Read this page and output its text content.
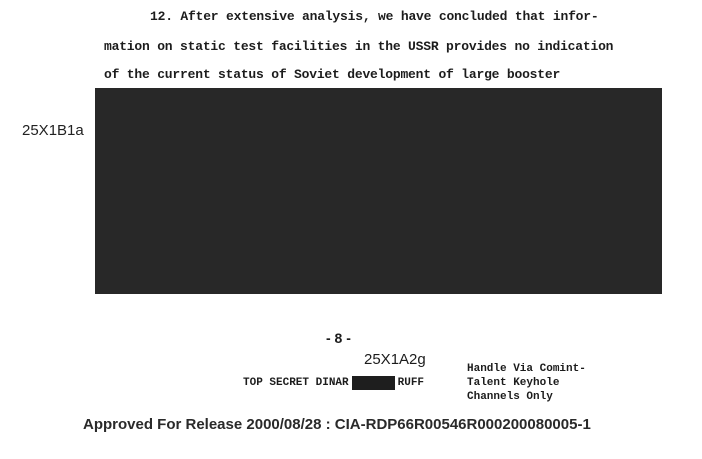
12. After extensive analysis, we have concluded that infor-
mation on static test facilities in the USSR provides no indication
of the current status of Soviet development of large booster
25X1B1a
- 8 -
25X1A2g
TOP SECRET DINAR	RUFF
Handle Via Comint-
Talent Keyhole
Channels Only
Approved For Release 2000/08/28 : CIA-RDP66R00546R000200080005-1
